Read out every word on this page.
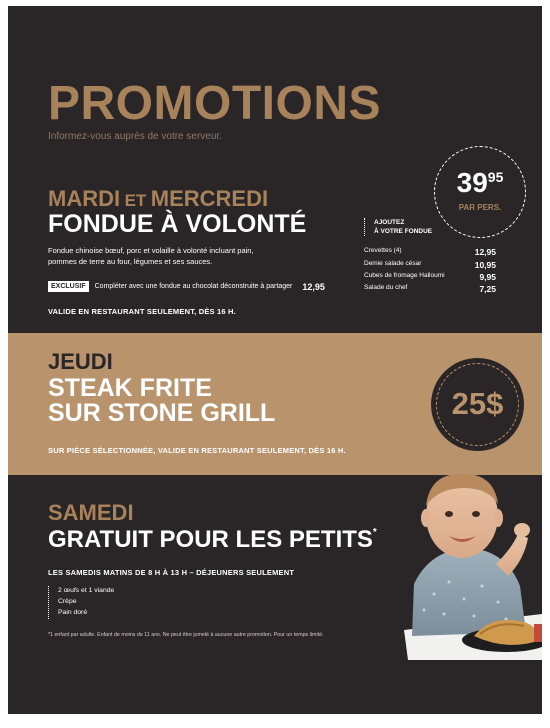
PROMOTIONS
Informez-vous auprès de votre serveur.
MARDI ET MERCREDI
FONDUE À VOLONTÉ
Fondue chinoise bœuf, porc et volaille à volonté incluant pain,
pommes de terre au four, légumes et ses sauces.
EXCLUSIF	Compléter avec une fondue au chocolat déconstruite à partager 12,95
VALIDE EN RESTAURANT SEULEMENT, DÈS 16 H.
$39^{95}$
PAR PERS.
AJOUTEZ
À VOTRE FONDUE
Crevettes (4)	12,95
Demie salade césar	10,95
Cubes de fromage Halloumi	9,95
Salade du chef	7,25
JEUDI
STEAK FRITE
SUR STONE GRILL
SUR PIÈCE SÉLECTIONNÉE, VALIDE EN RESTAURANT SEULEMENT, DÈS 16 H.
25$
SAMEDI
GRATUIT POUR LES PETITS*
LES SAMEDIS MATINS DE 8 H À 13 H – DÉJEUNERS SEULEMENT
2 œufs et 1 viande
Crêpe
Pain doré
*1 enfant par adulte. Enfant de moins de 11 ans. Ne peut être jumelé à aucune autre promotion. Pour un temps limité.
